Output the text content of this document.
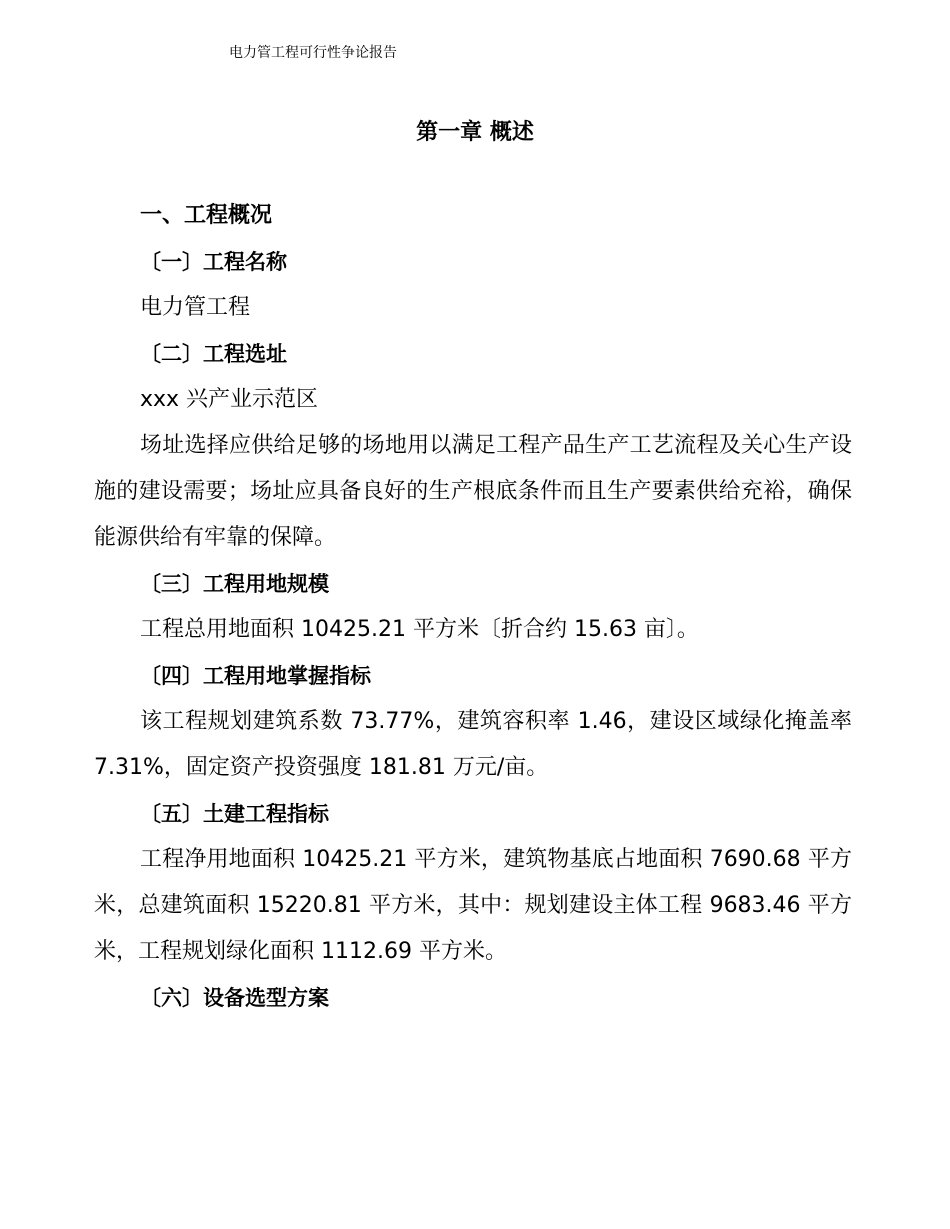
电力管工程可行性争论报告
第一章 概述
一、工程概况
〔一〕工程名称
电力管工程
〔二〕工程选址
xxx 兴产业示范区
场址选择应供给足够的场地用以满足工程产品生产工艺流程及关心生产设施的建设需要；场址应具备良好的生产根底条件而且生产要素供给充裕，确保能源供给有牢靠的保障。
〔三〕工程用地规模
工程总用地面积 10425.21 平方米〔折合约 15.63 亩〕。
〔四〕工程用地掌握指标
该工程规划建筑系数 73.77%，建筑容积率 1.46，建设区域绿化掩盖率 7.31%，固定资产投资强度 181.81 万元/亩。
〔五〕土建工程指标
工程净用地面积 10425.21 平方米，建筑物基底占地面积 7690.68 平方米，总建筑面积 15220.81 平方米，其中：规划建设主体工程 9683.46 平方米，工程规划绿化面积 1112.69 平方米。
〔六〕设备选型方案
